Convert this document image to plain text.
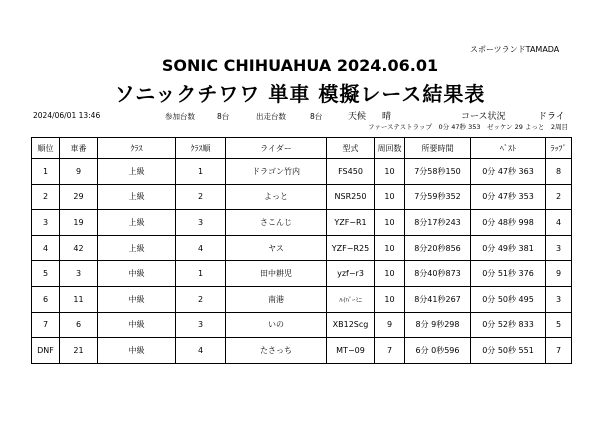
スポーツランドTAMADA
SONIC CHIHUAHUA 2024.06.01
ソニックチワワ 単車 模擬レース結果表
2024/06/01 13:46	参加台数	8台	出走台数	8台	天候 晴	コース状況	ドライ
ファーステストラップ　0分 47秒 353　ゼッケン 29 よっと　2周目
順位	車番	ｸﾗｽ	ｸﾗｽ順	ライダー	型式	周回数	所要時間	ﾍﾞｽﾄ	ﾗｯﾌﾟ
1	9	上級	1	ドラゴン竹内	FS450	10	7分58秒150	0分 47秒 363	8
2	29	上級	2	よっと	NSR250	10	7分59秒352	0分 47秒 353	2
3	19	上級	3	さこんじ	YZF−R1	10	8分17秒243	0分 48秒 998	4
4	42	上級	4	ヤス	YZF−R25	10	8分20秒856	0分 49秒 381	3
5	3	中級	1	田中耕児	yzf−r3	10	8分40秒873	0分 51秒 376	9
6	11	中級	2	南港	ﾊｲﾊﾟｰﾐﾆ	10	8分41秒267	0分 50秒 495	3
7	6	中級	3	いの	XB12Scg	9	8分 9秒298	0分 52秒 833	5
DNF	21	中級	4	たさっち	MT−09	7	6分 0秒596	0分 50秒 551	7
